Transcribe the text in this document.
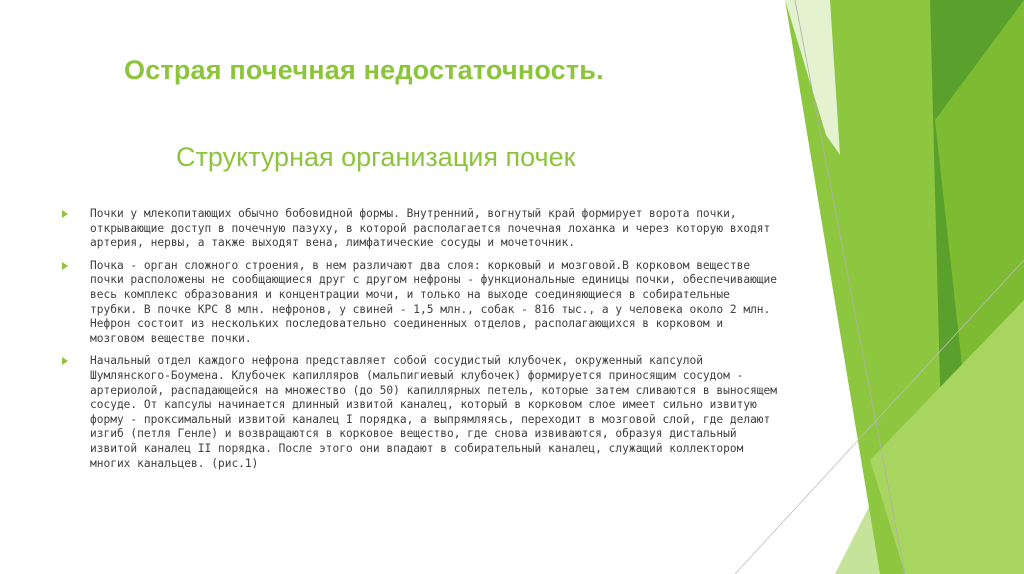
Острая почечная недостаточность.
Структурная организация почек
Почки у млекопитающих обычно бобовидной формы. Внутренний, вогнутый край формирует ворота почки, открывающие доступ в почечную пазуху, в которой располагается почечная лоханка и через которую входят артерия, нервы, а также выходят вена, лимфатические сосуды и мочеточник.
Почка - орган сложного строения, в нем различают два слоя: корковый и мозговой.В корковом веществе почки расположены не сообщающиеся друг с другом нефроны - функциональные единицы почки, обеспечивающие весь комплекс образования и концентрации мочи, и только на выходе соединяющиеся в собирательные трубки. В почке КРС 8 млн. нефронов, у свиней - 1,5 млн., собак - 816 тыс., а у человека около 2 млн. Нефрон состоит из нескольких последовательно соединенных отделов, располагающихся в корковом и мозговом веществе почки.
Начальный отдел каждого нефрона представляет собой сосудистый клубочек, окруженный капсулой Шумлянского-Боумена. Клубочек капилляров (мальпигиевый клубочек) формируется приносящим сосудом - артериолой, распадающейся на множество (до 50) капиллярных петель, которые затем сливаются в выносящем сосуде. От капсулы начинается длинный извитой каналец, который в корковом слое имеет сильно извитую форму - проксимальный извитой каналец I порядка, а выпрямляясь, переходит в мозговой слой, где делают изгиб (петля Генле) и возвращаются в корковое вещество, где снова извиваются, образуя дистальный извитой каналец II порядка. После этого они впадают в собирательный каналец, служащий коллектором многих канальцев. (рис.1)
